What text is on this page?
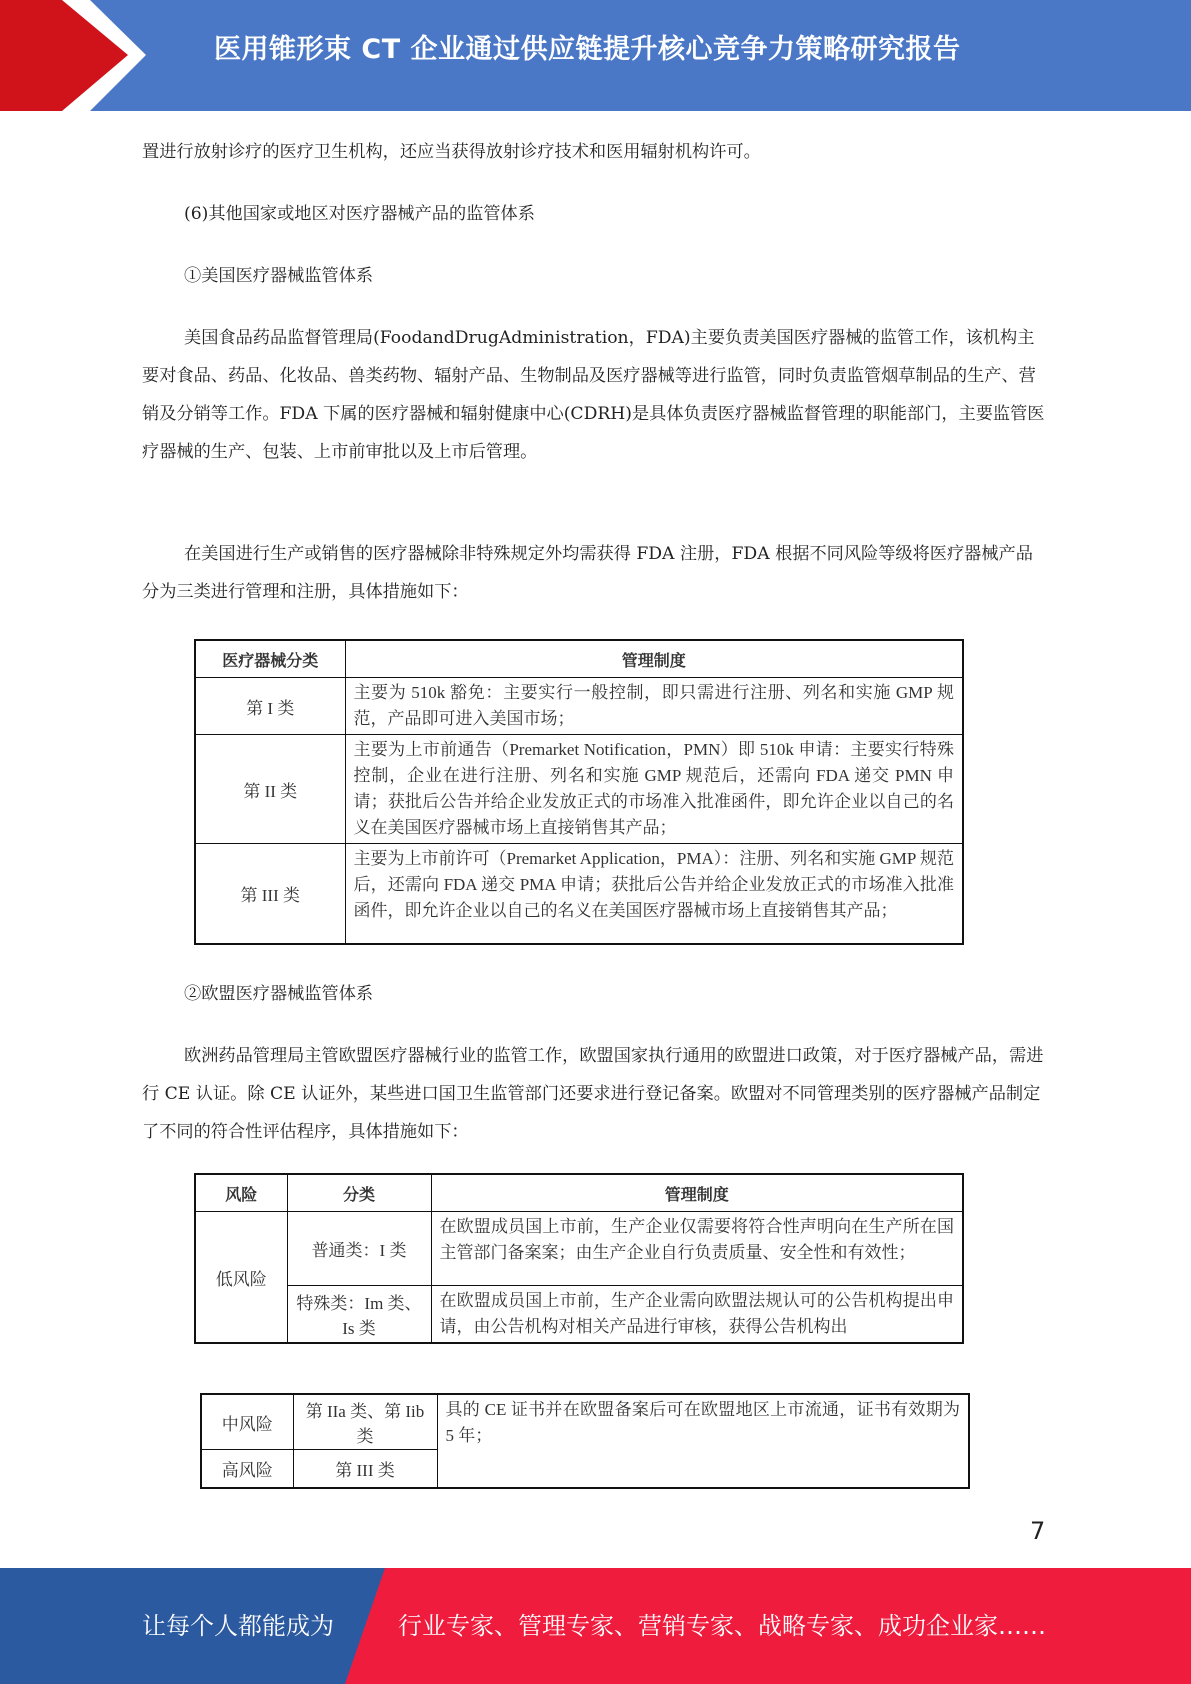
医用锥形束 CT 企业通过供应链提升核心竞争力策略研究报告

置进行放射诊疗的医疗卫生机构，还应当获得放射诊疗技术和医用辐射机构许可。

(6)其他国家或地区对医疗器械产品的监管体系

①美国医疗器械监管体系

美国食品药品监督管理局(FoodandDrugAdministration，FDA)主要负责美国医疗器械的监管工作，该机构主要对食品、药品、化妆品、兽类药物、辐射产品、生物制品及医疗器械等进行监管，同时负责监管烟草制品的生产、营销及分销等工作。FDA 下属的医疗器械和辐射健康中心(CDRH)是具体负责医疗器械监督管理的职能部门，主要监管医疗器械的生产、包装、上市前审批以及上市后管理。

在美国进行生产或销售的医疗器械除非特殊规定外均需获得 FDA 注册，FDA 根据不同风险等级将医疗器械产品分为三类进行管理和注册，具体措施如下：

医疗器械分类	管理制度
第 I 类	主要为 510k 豁免：主要实行一般控制，即只需进行注册、列名和实施 GMP 规范，产品即可进入美国市场；
第 II 类	主要为上市前通告（Premarket Notification，PMN）即 510k 申请：主要实行特殊控制，企业在进行注册、列名和实施 GMP 规范后，还需向 FDA 递交 PMN 申请；获批后公告并给企业发放正式的市场准入批准函件，即允许企业以自己的名义在美国医疗器械市场上直接销售其产品；
第 III 类	主要为上市前许可（Premarket Application，PMA）：注册、列名和实施 GMP 规范后，还需向 FDA 递交 PMA 申请；获批后公告并给企业发放正式的市场准入批准函件，即允许企业以自己的名义在美国医疗器械市场上直接销售其产品；

②欧盟医疗器械监管体系

欧洲药品管理局主管欧盟医疗器械行业的监管工作，欧盟国家执行通用的欧盟进口政策，对于医疗器械产品，需进行 CE 认证。除 CE 认证外，某些进口国卫生监管部门还要求进行登记备案。欧盟对不同管理类别的医疗器械产品制定了不同的符合性评估程序，具体措施如下：

风险	分类	管理制度
低风险	普通类：I 类	在欧盟成员国上市前，生产企业仅需要将符合性声明向在生产所在国主管部门备案案；由生产企业自行负责质量、安全性和有效性；
	特殊类：Im 类、Is 类	在欧盟成员国上市前，生产企业需向欧盟法规认可的公告机构提出申请，由公告机构对相关产品进行审核，获得公告机构出
中风险	第 IIa 类、第 Iib 类	具的 CE 证书并在欧盟备案后可在欧盟地区上市流通，证书有效期为 5 年；
高风险	第 III 类	
7
让每个人都能成为	行业专家、管理专家、营销专家、战略专家、成功企业家……
